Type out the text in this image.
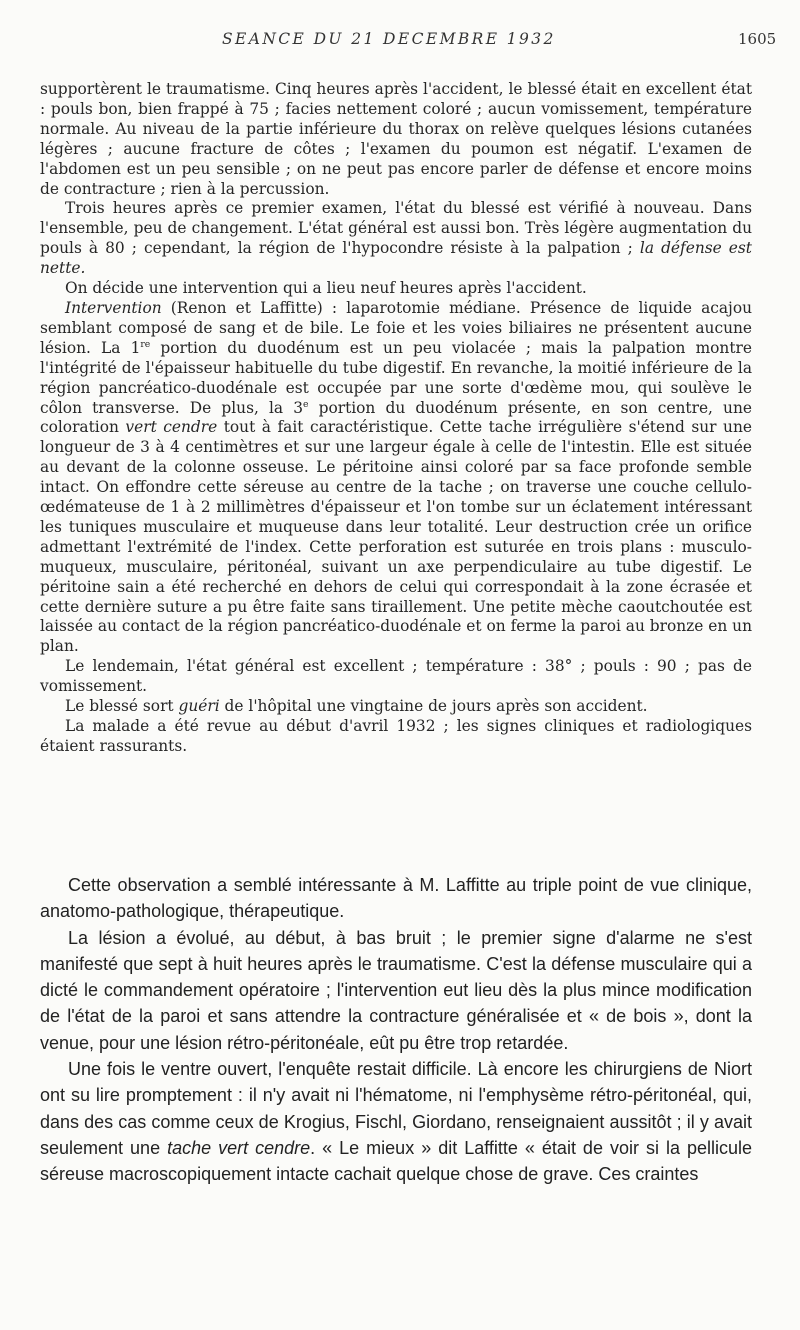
SEANCE DU 21 DECEMBRE 1932	1605

supportèrent le traumatisme. Cinq heures après l'accident, le blessé était en excellent état : pouls bon, bien frappé à 75 ; facies nettement coloré ; aucun vomissement, température normale. Au niveau de la partie inférieure du thorax on relève quelques lésions cutanées légères ; aucune fracture de côtes ; l'examen du poumon est négatif. L'examen de l'abdomen est un peu sensible ; on ne peut pas encore parler de défense et encore moins de contracture ; rien à la percussion.

Trois heures après ce premier examen, l'état du blessé est vérifié à nouveau. Dans l'ensemble, peu de changement. L'état général est aussi bon. Très légère augmentation du pouls à 80 ; cependant, la région de l'hypocondre résiste à la palpation ; la défense est nette.

On décide une intervention qui a lieu neuf heures après l'accident.

Intervention (Renon et Laffitte) : laparotomie médiane. Présence de liquide acajou semblant composé de sang et de bile. Le foie et les voies biliaires ne présentent aucune lésion. La 1re portion du duodénum est un peu violacée ; mais la palpation montre l'intégrité de l'épaisseur habituelle du tube digestif. En revanche, la moitié inférieure de la région pancréatico-duodénale est occupée par une sorte d'œdème mou, qui soulève le côlon transverse. De plus, la 3e portion du duodénum présente, en son centre, une coloration vert cendre tout à fait caractéristique. Cette tache irrégulière s'étend sur une longueur de 3 à 4 centimètres et sur une largeur égale à celle de l'intestin. Elle est située au devant de la colonne osseuse. Le péritoine ainsi coloré par sa face profonde semble intact. On effondre cette séreuse au centre de la tache ; on traverse une couche cellulo-œdémateuse de 1 à 2 millimètres d'épaisseur et l'on tombe sur un éclatement intéressant les tuniques musculaire et muqueuse dans leur totalité. Leur destruction crée un orifice admettant l'extrémité de l'index. Cette perforation est suturée en trois plans : musculo-muqueux, musculaire, péritonéal, suivant un axe perpendiculaire au tube digestif. Le péritoine sain a été recherché en dehors de celui qui correspondait à la zone écrasée et cette dernière suture a pu être faite sans tiraillement. Une petite mèche caoutchoutée est laissée au contact de la région pancréatico-duodénale et on ferme la paroi au bronze en un plan.

Le lendemain, l'état général est excellent ; température : 38° ; pouls : 90 ; pas de vomissement.

Le blessé sort guéri de l'hôpital une vingtaine de jours après son accident.

La malade a été revue au début d'avril 1932 ; les signes cliniques et radiologiques étaient rassurants.

Cette observation a semblé intéressante à M. Laffitte au triple point de vue clinique, anatomo-pathologique, thérapeutique.

La lésion a évolué, au début, à bas bruit ; le premier signe d'alarme ne s'est manifesté que sept à huit heures après le traumatisme. C'est la défense musculaire qui a dicté le commandement opératoire ; l'intervention eut lieu dès la plus mince modification de l'état de la paroi et sans attendre la contracture généralisée et « de bois », dont la venue, pour une lésion rétro-péritonéale, eût pu être trop retardée.

Une fois le ventre ouvert, l'enquête restait difficile. Là encore les chirurgiens de Niort ont su lire promptement : il n'y avait ni l'hématome, ni l'emphysème rétro-péritonéal, qui, dans des cas comme ceux de Krogius, Fischl, Giordano, renseignaient aussitôt ; il y avait seulement une tache vert cendre. « Le mieux » dit Laffitte « était de voir si la pellicule séreuse macroscopiquement intacte cachait quelque chose de grave. Ces craintes
